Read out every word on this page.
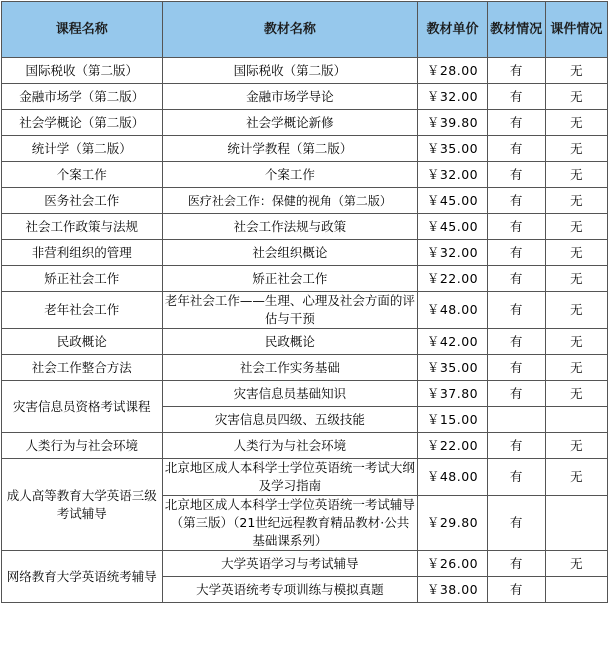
课程名称	教材名称	教材单价	教材情况	课件情况
国际税收（第二版）	国际税收（第二版）	￥28.00	有	无
金融市场学（第二版）	金融市场学导论	￥32.00	有	无
社会学概论（第二版）	社会学概论新修	￥39.80	有	无
统计学（第二版）	统计学教程（第二版）	￥35.00	有	无
个案工作	个案工作	￥32.00	有	无
医务社会工作	医疗社会工作：保健的视角（第二版）	￥45.00	有	无
社会工作政策与法规	社会工作法规与政策	￥45.00	有	无
非营利组织的管理	社会组织概论	￥32.00	有	无
矫正社会工作	矫正社会工作	￥22.00	有	无
老年社会工作	老年社会工作——生理、心理及社会方面的评估与干预	￥48.00	有	无
民政概论	民政概论	￥42.00	有	无
社会工作整合方法	社会工作实务基础	￥35.00	有	无
灾害信息员资格考试课程	灾害信息员基础知识	￥37.80	有	无
	灾害信息员四级、五级技能	￥15.00		
人类行为与社会环境	人类行为与社会环境	￥22.00	有	无
成人高等教育大学英语三级考试辅导	北京地区成人本科学士学位英语统一考试大纲及学习指南	￥48.00	有	无
	北京地区成人本科学士学位英语统一考试辅导（第三版）（21世纪远程教育精品教材·公共基础课系列）	￥29.80	有	
网络教育大学英语统考辅导	大学英语学习与考试辅导	￥26.00	有	无
	大学英语统考专项训练与模拟真题	￥38.00	有	
